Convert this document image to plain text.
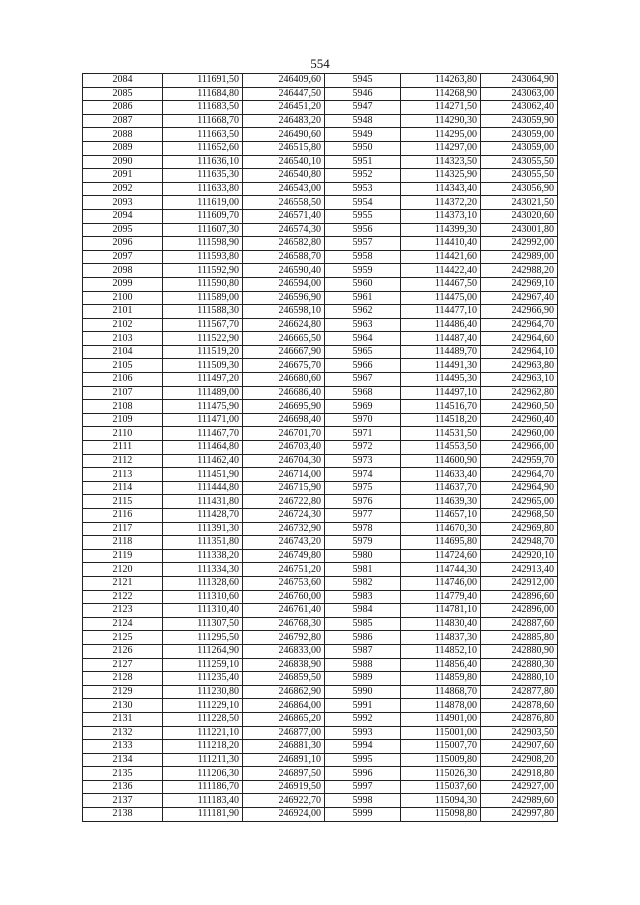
554
2084	111691,50	246409,60	5945	114263,80	243064,90
2085	111684,80	246447,50	5946	114268,90	243063,00
2086	111683,50	246451,20	5947	114271,50	243062,40
2087	111668,70	246483,20	5948	114290,30	243059,90
2088	111663,50	246490,60	5949	114295,00	243059,00
2089	111652,60	246515,80	5950	114297,00	243059,00
2090	111636,10	246540,10	5951	114323,50	243055,50
2091	111635,30	246540,80	5952	114325,90	243055,50
2092	111633,80	246543,00	5953	114343,40	243056,90
2093	111619,00	246558,50	5954	114372,20	243021,50
2094	111609,70	246571,40	5955	114373,10	243020,60
2095	111607,30	246574,30	5956	114399,30	243001,80
2096	111598,90	246582,80	5957	114410,40	242992,00
2097	111593,80	246588,70	5958	114421,60	242989,00
2098	111592,90	246590,40	5959	114422,40	242988,20
2099	111590,80	246594,00	5960	114467,50	242969,10
2100	111589,00	246596,90	5961	114475,00	242967,40
2101	111588,30	246598,10	5962	114477,10	242966,90
2102	111567,70	246624,80	5963	114486,40	242964,70
2103	111522,90	246665,50	5964	114487,40	242964,60
2104	111519,20	246667,90	5965	114489,70	242964,10
2105	111509,30	246675,70	5966	114491,30	242963,80
2106	111497,20	246680,60	5967	114495,30	242963,10
2107	111489,00	246686,40	5968	114497,10	242962,80
2108	111475,90	246695,90	5969	114516,70	242960,50
2109	111471,00	246698,40	5970	114518,20	242960,40
2110	111467,70	246701,70	5971	114531,50	242960,00
2111	111464,80	246703,40	5972	114553,50	242966,00
2112	111462,40	246704,30	5973	114600,90	242959,70
2113	111451,90	246714,00	5974	114633,40	242964,70
2114	111444,80	246715,90	5975	114637,70	242964,90
2115	111431,80	246722,80	5976	114639,30	242965,00
2116	111428,70	246724,30	5977	114657,10	242968,50
2117	111391,30	246732,90	5978	114670,30	242969,80
2118	111351,80	246743,20	5979	114695,80	242948,70
2119	111338,20	246749,80	5980	114724,60	242920,10
2120	111334,30	246751,20	5981	114744,30	242913,40
2121	111328,60	246753,60	5982	114746,00	242912,00
2122	111310,60	246760,00	5983	114779,40	242896,60
2123	111310,40	246761,40	5984	114781,10	242896,00
2124	111307,50	246768,30	5985	114830,40	242887,60
2125	111295,50	246792,80	5986	114837,30	242885,80
2126	111264,90	246833,00	5987	114852,10	242880,90
2127	111259,10	246838,90	5988	114856,40	242880,30
2128	111235,40	246859,50	5989	114859,80	242880,10
2129	111230,80	246862,90	5990	114868,70	242877,80
2130	111229,10	246864,00	5991	114878,00	242878,60
2131	111228,50	246865,20	5992	114901,00	242876,80
2132	111221,10	246877,00	5993	115001,00	242903,50
2133	111218,20	246881,30	5994	115007,70	242907,60
2134	111211,30	246891,10	5995	115009,80	242908,20
2135	111206,30	246897,50	5996	115026,30	242918,80
2136	111186,70	246919,50	5997	115037,60	242927,00
2137	111183,40	246922,70	5998	115094,30	242989,60
2138	111181,90	246924,00	5999	115098,80	242997,80
